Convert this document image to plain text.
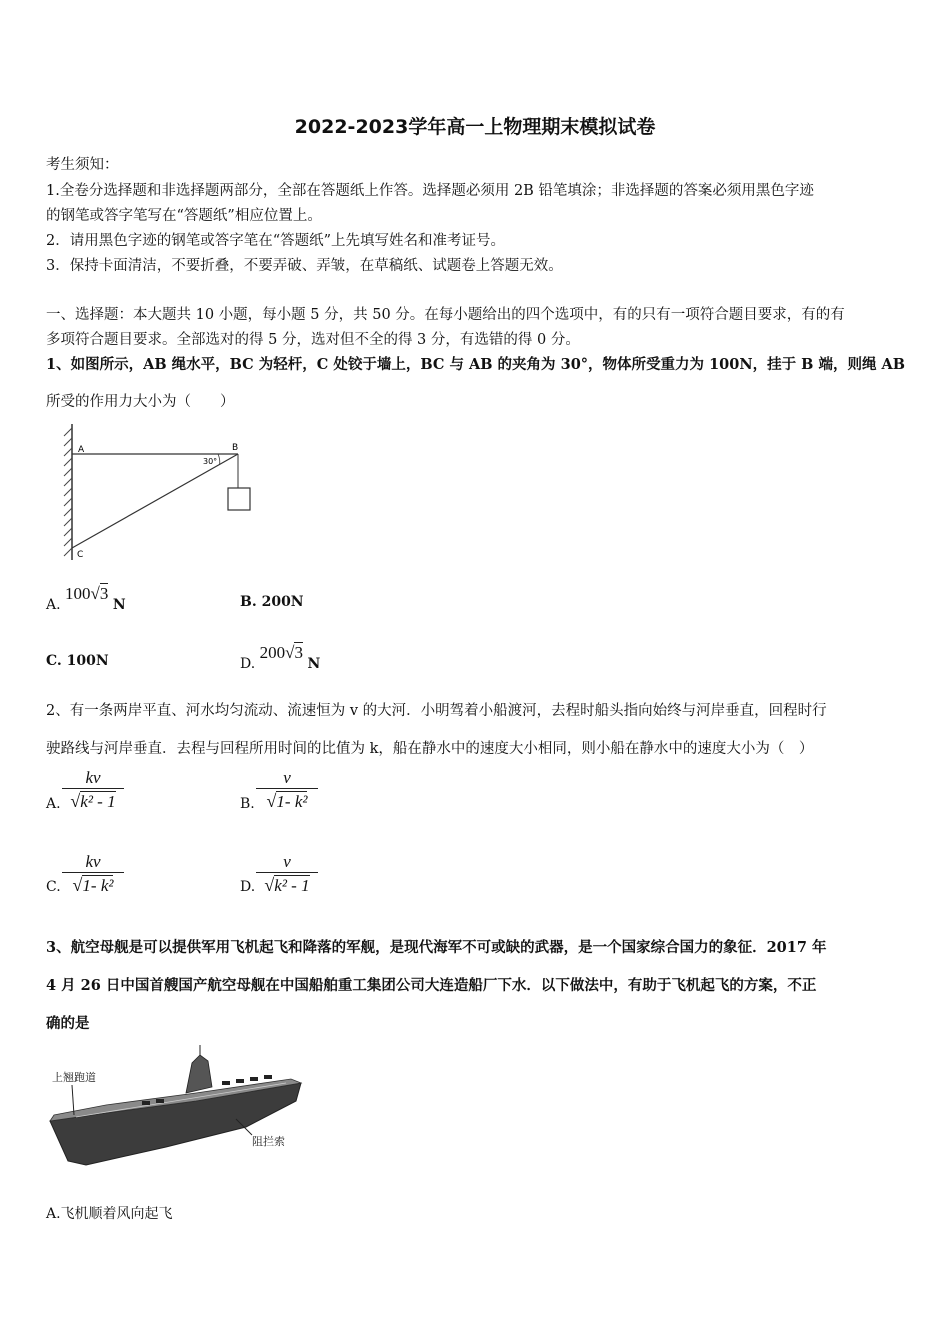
2022-2023学年高一上物理期末模拟试卷
考生须知：
1.全卷分选择题和非选择题两部分，全部在答题纸上作答。选择题必须用 2B 铅笔填涂；非选择题的答案必须用黑色字迹
的钢笔或答字笔写在“答题纸”相应位置上。
2．请用黑色字迹的钢笔或答字笔在“答题纸”上先填写姓名和准考证号。
3．保持卡面清洁，不要折叠，不要弄破、弄皱，在草稿纸、试题卷上答题无效。
一、选择题：本大题共 10 小题，每小题 5 分，共 50 分。在每小题给出的四个选项中，有的只有一项符合题目要求，有的有
多项符合题目要求。全部选对的得 5 分，选对但不全的得 3 分，有选错的得 0 分。
1、如图所示，AB 绳水平，BC 为轻杆，C 处铰于墙上，BC 与 AB 的夹角为 30°，物体所受重力为 100N，挂于 B 端，则绳 AB
所受的作用力大小为（　　）
A	B
C
30°
A. 100√3 N	B. 200N
C. 100N	D. 200√3 N
2、有一条两岸平直、河水均匀流动、流速恒为 v 的大河．小明驾着小船渡河，去程时船头指向始终与河岸垂直，回程时行
驶路线与河岸垂直．去程与回程所用时间的比值为 k，船在静水中的速度大小相同，则小船在静水中的速度大小为（　）
A. $\frac{kv}{\text{√k² - 1}}$	B. $\frac{v}{\text{√1- k²}}$
C. $\frac{kv}{\text{√1- k²}}$	D. $\frac{v}{\text{√k² - 1}}$
3、航空母舰是可以提供军用飞机起飞和降落的军舰，是现代海军不可或缺的武器，是一个国家综合国力的象征．2017 年
4 月 26 日中国首艘国产航空母舰在中国船舶重工集团公司大连造船厂下水．以下做法中，有助于飞机起飞的方案，不正
确的是
上翘跑道
阻拦索
A.飞机顺着风向起飞
